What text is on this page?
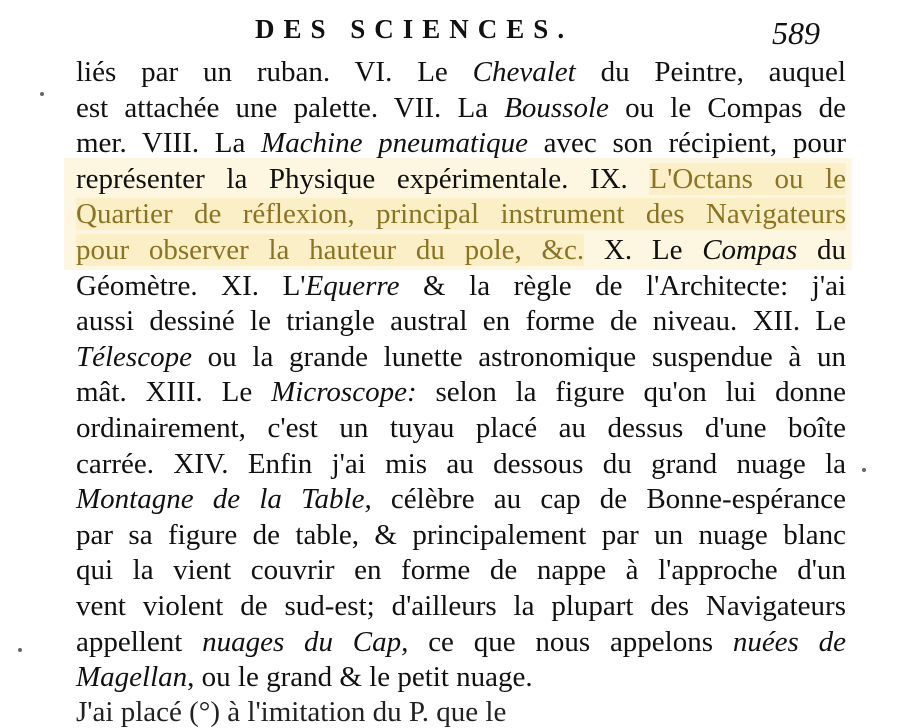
DES SCIENCES.	589
liés par un ruban. VI. Le Chevalet du Peintre, auquel
est attachée une palette. VII. La Boussole ou le Compas de
mer. VIII. La Machine pneumatique avec son récipient, pour
représenter la Physique expérimentale. IX. L'Octans ou le
Quartier de réflexion, principal instrument des Navigateurs
pour observer la hauteur du pole, &c. X. Le Compas du
Géomètre. XI. L'Equerre & la règle de l'Architecte: j'ai
aussi dessiné le triangle austral en forme de niveau. XII. Le
Télescope ou la grande lunette astronomique suspendue à un
mât. XIII. Le Microscope: selon la figure qu'on lui donne
ordinairement, c'est un tuyau placé au dessus d'une boîte
carrée. XIV. Enfin j'ai mis au dessous du grand nuage la
Montagne de la Table, célèbre au cap de Bonne-espérance
par sa figure de table, & principalement par un nuage blanc
qui la vient couvrir en forme de nappe à l'approche d'un
vent violent de sud-est; d'ailleurs la plupart des Navigateurs
appellent nuages du Cap, ce que nous appelons nuées de
Magellan, ou le grand & le petit nuage.
J'ai placé (°) à l'imitation du P. que le
